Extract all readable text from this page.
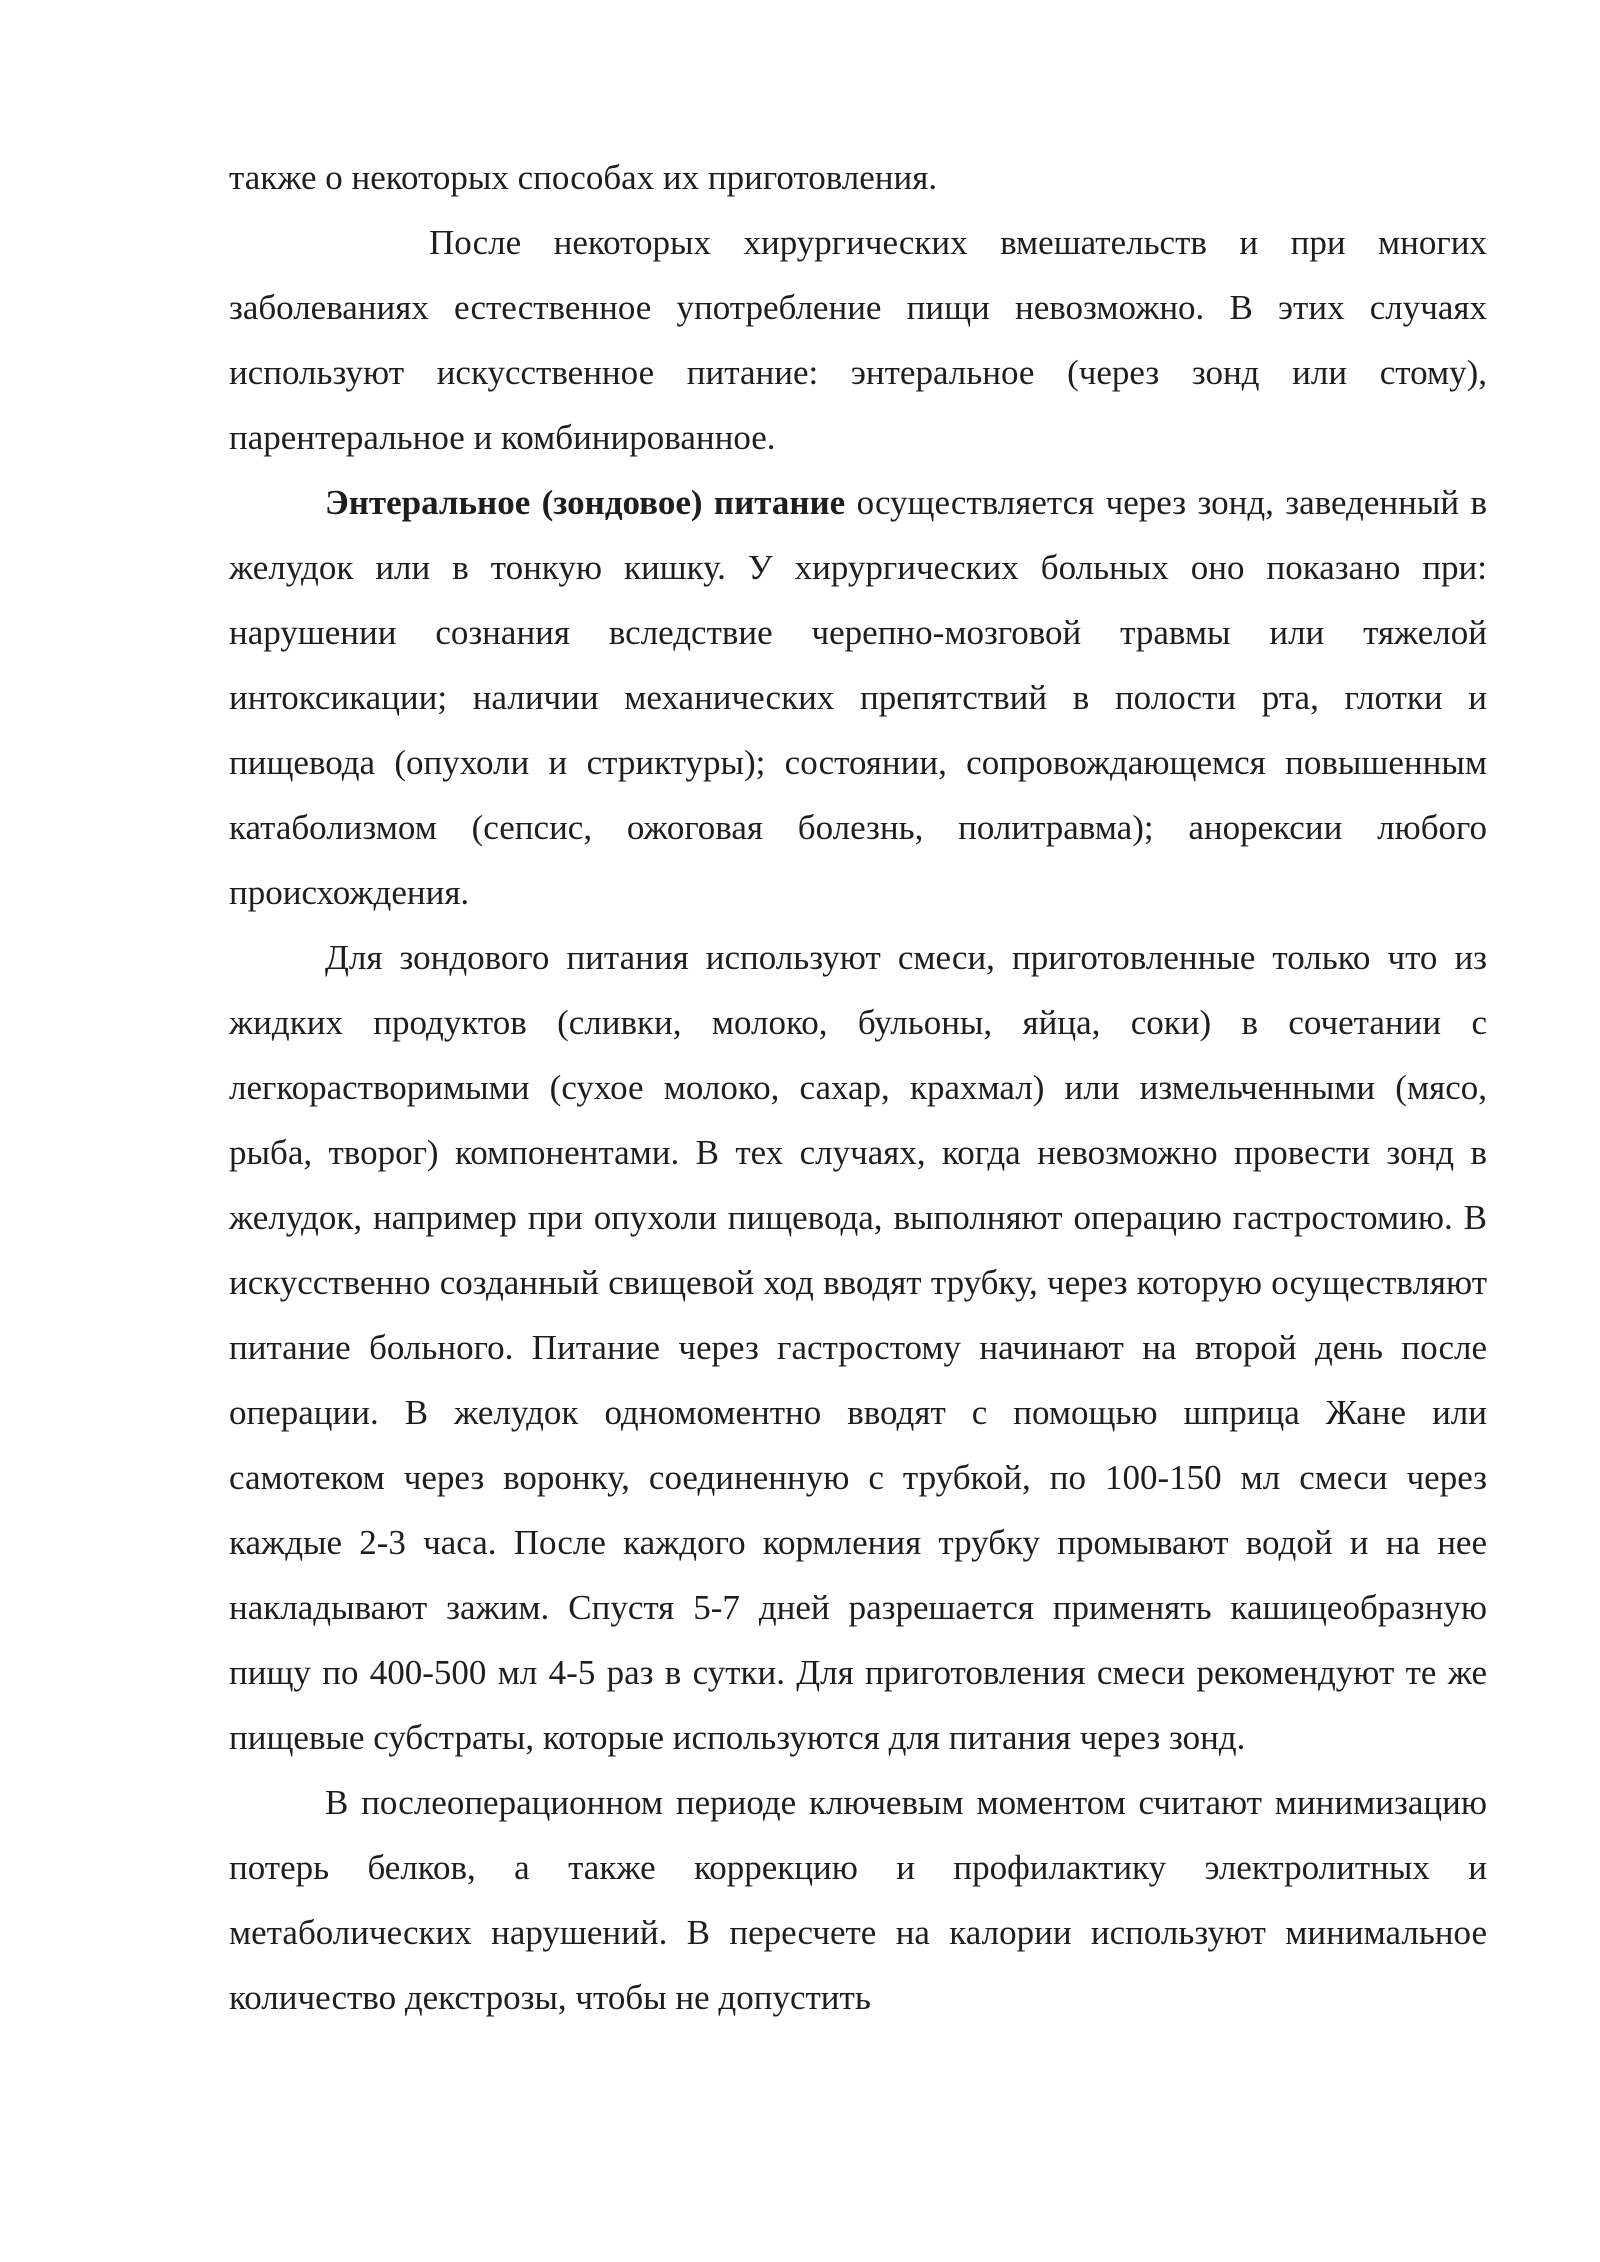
также о некоторых способах их приготовления.

После некоторых хирургических вмешательств и при многих заболеваниях естественное употребление пищи невозможно. В этих случаях используют искусственное питание: энтеральное (через зонд или стому), парентеральное и комбинированное.

Энтеральное (зондовое) питание осуществляется через зонд, заведенный в желудок или в тонкую кишку. У хирургических больных оно показано при: нарушении сознания вследствие черепно-мозговой травмы или тяжелой интоксикации; наличии механических препятствий в полости рта, глотки и пищевода (опухоли и стриктуры); состоянии, сопровождающемся повышенным катаболизмом (сепсис, ожоговая болезнь, политравма); анорексии любого происхождения.

Для зондового питания используют смеси, приготовленные только что из жидких продуктов (сливки, молоко, бульоны, яйца, соки) в сочетании с легкорастворимыми (сухое молоко, сахар, крахмал) или измельченными (мясо, рыба, творог) компонентами. В тех случаях, когда невозможно провести зонд в желудок, например при опухоли пищевода, выполняют операцию гастростомию. В искусственно созданный свищевой ход вводят трубку, через которую осуществляют питание больного. Питание через гастростому начинают на второй день после операции. В желудок одномоментно вводят с помощью шприца Жане или самотеком через воронку, соединенную с трубкой, по 100-150 мл смеси через каждые 2-3 часа. После каждого кормления трубку промывают водой и на нее накладывают зажим. Спустя 5-7 дней разрешается применять кашицеобразную пищу по 400-500 мл 4-5 раз в сутки. Для приготовления смеси рекомендуют те же пищевые субстраты, которые используются для питания через зонд.

В послеоперационном периоде ключевым моментом считают минимизацию потерь белков, а также коррекцию и профилактику электролитных и метаболических нарушений. В пересчете на калории используют минимальное количество декстрозы, чтобы не допустить
